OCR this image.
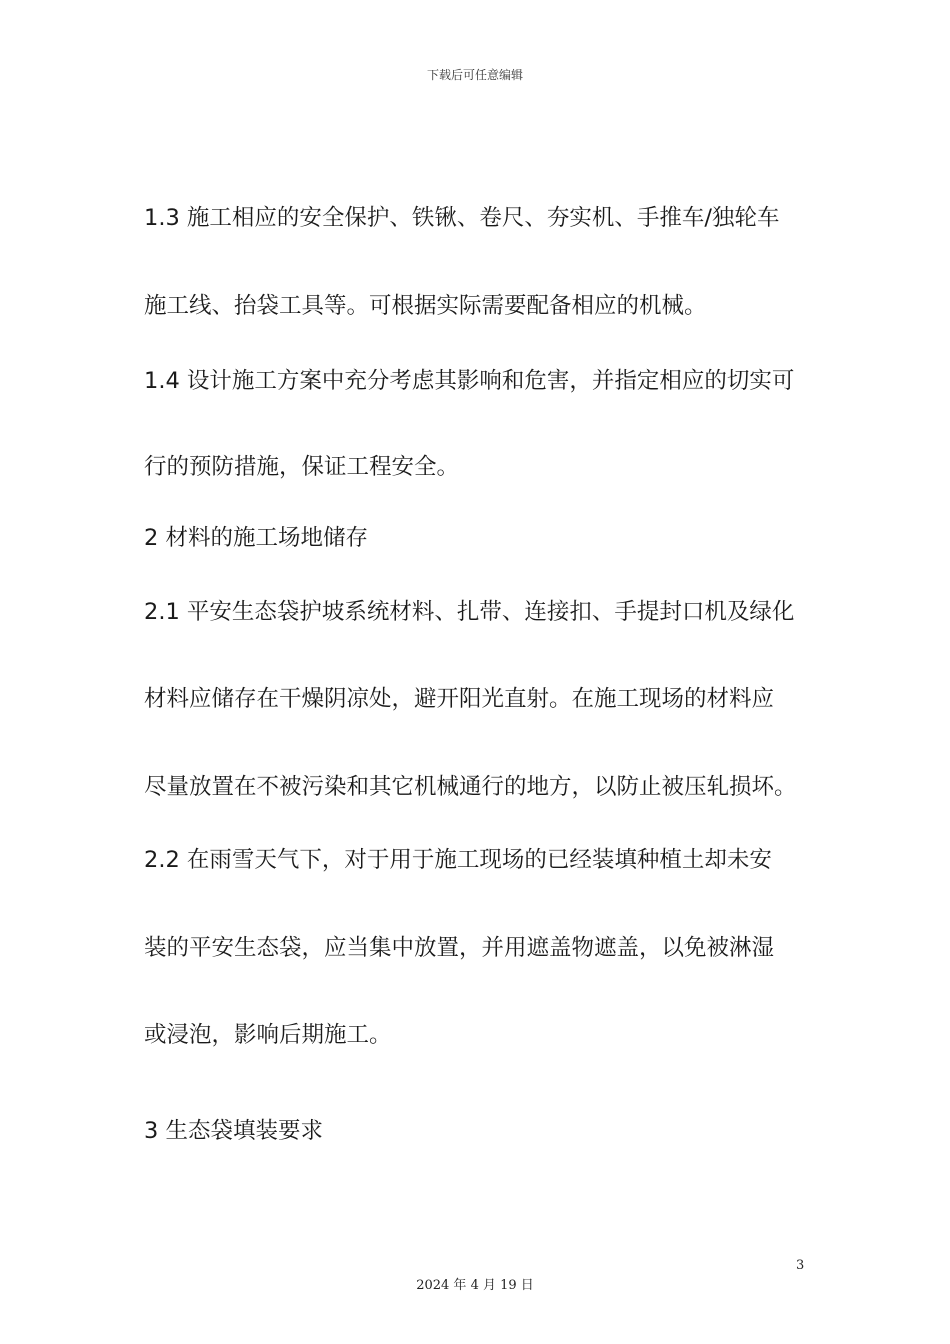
下载后可任意编辑
1.3 施工相应的安全保护、铁锹、卷尺、夯实机、手推车/独轮车
施工线、抬袋工具等。可根据实际需要配备相应的机械。
1.4 设计施工方案中充分考虑其影响和危害，并指定相应的切实可
行的预防措施，保证工程安全。
2 材料的施工场地储存
2.1 平安生态袋护坡系统材料、扎带、连接扣、手提封口机及绿化
材料应储存在干燥阴凉处，避开阳光直射。在施工现场的材料应
尽量放置在不被污染和其它机械通行的地方，以防止被压轧损坏。
2.2 在雨雪天气下，对于用于施工现场的已经装填种植土却未安
装的平安生态袋，应当集中放置，并用遮盖物遮盖，以免被淋湿
或浸泡，影响后期施工。
3 生态袋填装要求
3
2024 年 4 月 19 日
